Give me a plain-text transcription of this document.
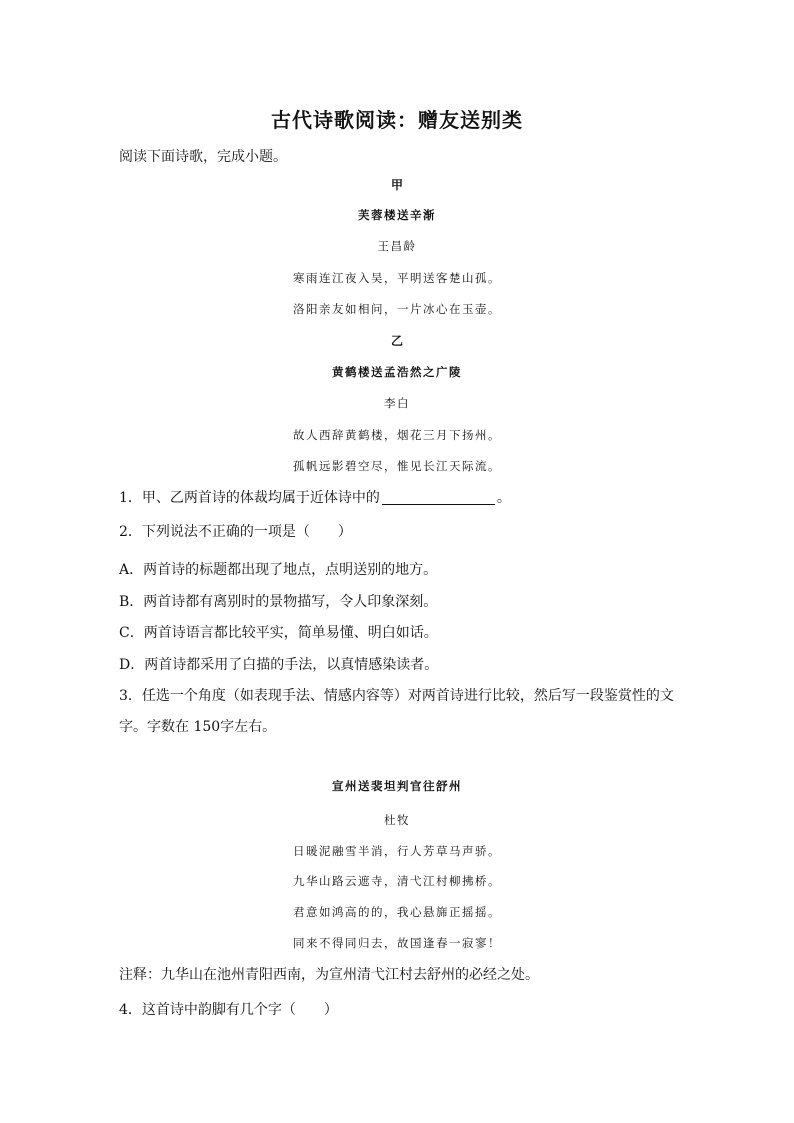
古代诗歌阅读：赠友送别类
阅读下面诗歌，完成小题。
甲
芙蓉楼送辛渐
王昌龄
寒雨连江夜入吴，平明送客楚山孤。
洛阳亲友如相问，一片冰心在玉壶。
乙
黄鹤楼送孟浩然之广陵
李白
故人西辞黄鹤楼，烟花三月下扬州。
孤帆远影碧空尽，惟见长江天际流。
1．甲、乙两首诗的体裁均属于近体诗中的	。
2．下列说法不正确的一项是（　　）
A．两首诗的标题都出现了地点，点明送别的地方。
B．两首诗都有离别时的景物描写，令人印象深刻。
C．两首诗语言都比较平实，简单易懂、明白如话。
D．两首诗都采用了白描的手法，以真情感染读者。
3．任选一个角度（如表现手法、情感内容等）对两首诗进行比较，然后写一段鉴赏性的文
字。字数在 150字左右。
宣州送裴坦判官往舒州
杜牧
日暖泥融雪半消，行人芳草马声骄。
九华山路云遮寺，清弋江村柳拂桥。
君意如鸿高的的，我心悬旆正摇摇。
同来不得同归去，故国逢春一寂寥！
注释：九华山在池州青阳西南，为宣州清弋江村去舒州的必经之处。
4．这首诗中韵脚有几个字（　　）
